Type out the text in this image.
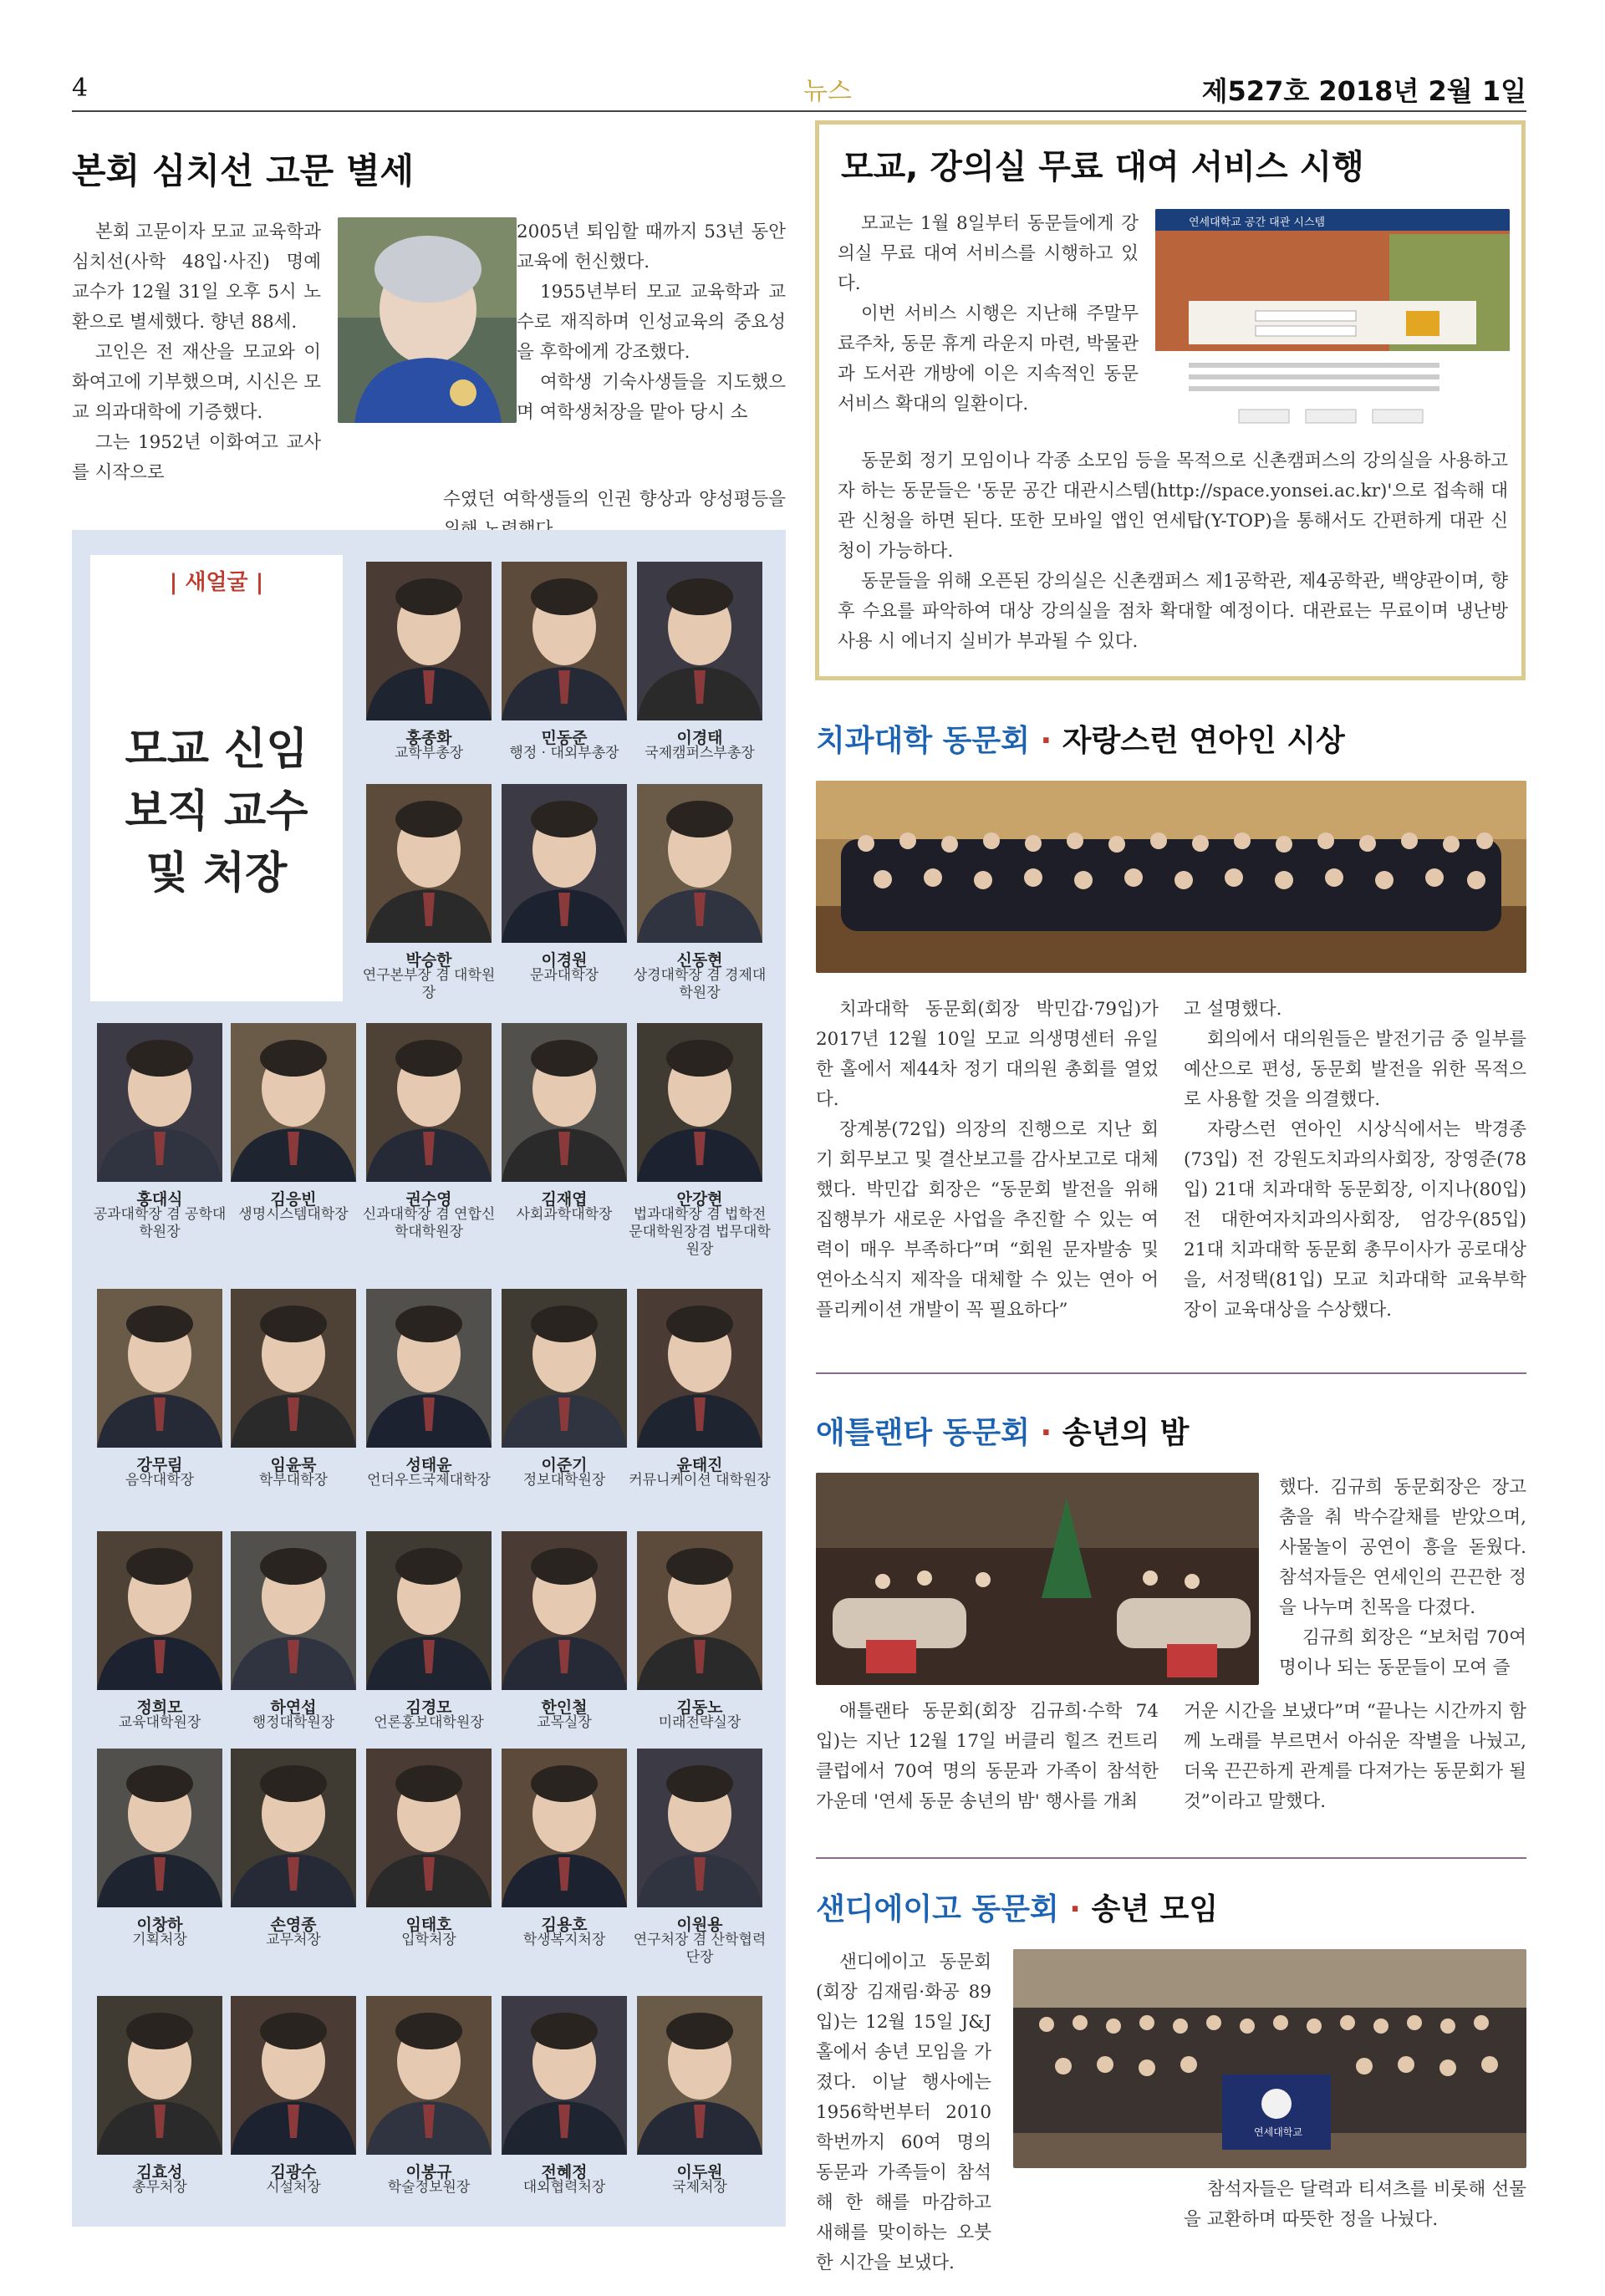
4	뉴스	제527호 2018년 2월 1일
본회 심치선 고문 별세

본회 고문이자 모교 교육학과 심치선(사학 48입·사진) 명예 교수가 12월 31일 오후 5시 노환으로 별세했다. 향년 88세.

고인은 전 재산을 모교와 이화여고에 기부했으며, 시신은 모교 의과대학에 기증했다.

그는 1952년 이화여고 교사를 시작으로

2005년 퇴임할 때까지 53년 동안 교육에 헌신했다.

1955년부터 모교 교육학과 교수로 재직하며 인성교육의 중요성을 후학에게 강조했다.

여학생 기숙사생들을 지도했으며 여학생처장을 맡아 당시 소

수였던 여학생들의 인권 향상과 양성평등을

모교, 강의실 무료 대여 서비스 시행

모교는 1월 8일부터 동문들에게 강의실 무료 대여 서비스를 시행하고 있다.

이번 서비스 시행은 지난해 주말무료주차, 동문 휴게 라운지 마련, 박물관과 도서관 개방에 이은 지속적인 동문 서비스 확대의 일환이다.

연세대학교 공간 대관 시스템

동문회 정기 모임이나 각종 소모임 등을 목적으로 신촌캠퍼스의 강의실을 사용하고자 하는 동문들은 '동문 공간 대관시스템(http://space.yonsei.ac.kr)'으로 접속해 대관 신청을 하면 된다. 또한 모바일 앱인 연세탑(Y-TOP)을 통해서도 간편하게 대관 신청이 가능하다.

동문들을 위해 오픈된 강의실은 신촌캠퍼스 제1공학관, 제4공학관, 백양관이며, 향후 수요를 파악하여 대상 강의실을 점차 확대할 예정이다. 대관료는 무료이며 냉난방 사용 시 에너지 실비가 부과될 수 있다.

| 새얼굴 |
모교 신임
보직 교수
및 처장
홍종화
교학부총장
민동준
행정 · 대외부총장
이경태
국제캠퍼스부총장
박승한
연구본부장 겸 대학원장
이경원
문과대학장
신동현
상경대학장 겸 경제대학원장
홍대식
공과대학장 겸 공학대학원장
김응빈
생명시스템대학장
권수영
신과대학장 겸 연합신학대학원장
김재엽
사회과학대학장
안강현
법과대학장 겸 법학전문대학원장겸 법무대학원장
강무림
음악대학장
임윤묵
학부대학장
성태윤
언더우드국제대학장
이준기
정보대학원장
윤태진
커뮤니케이션 대학원장
정희모
교육대학원장
하연섭
행정대학원장
김경모
언론홍보대학원장
한인철
교목실장
김동노
미래전략실장
이창하
기획처장
손영종
교무처장
임태호
입학처장
김용호
학생복지처장
이원용
연구처장 겸 산학협력단장
김효성
총무처장
김광수
시설처장
이봉규
학술정보원장
전혜정
대외협력처장
이두원
국제처장
치과대학 동문회 · 자랑스런 연아인 시상

치과대학 동문회(회장 박민갑·79입)가 2017년 12월 10일 모교 의생명센터 유일한 홀에서 제44차 정기 대의원 총회를 열었다.

장계봉(72입) 의장의 진행으로 지난 회기 회무보고 및 결산보고를 감사보고로 대체했다. 박민갑 회장은 “동문회 발전을 위해 집행부가 새로운 사업을 추진할 수 있는 여력이 매우 부족하다”며 “회원 문자발송 및 연아소식지 제작을 대체할 수 있는 연아 어플리케이션 개발이 꼭 필요하다”

고 설명했다.

회의에서 대의원들은 발전기금 중 일부를 예산으로 편성, 동문회 발전을 위한 목적으로 사용할 것을 의결했다.

자랑스런 연아인 시상식에서는 박경종(73입) 전 강원도치과의사회장, 장영준(78입) 21대 치과대학 동문회장, 이지나(80입) 전 대한여자치과의사회장, 엄강우(85입) 21대 치과대학 동문회 총무이사가 공로대상을, 서정택(81입) 모교 치과대학 교육부학장이 교육대상을 수상했다.

애틀랜타 동문회 · 송년의 밤

했다. 김규희 동문회장은 장고춤을 춰 박수갈채를 받았으며, 사물놀이 공연이 흥을 돋웠다. 참석자들은 연세인의 끈끈한 정을 나누며 친목을 다졌다.

김규희 회장은 “보처럼 70여 명이나 되는 동문들이 모여 즐

애틀랜타 동문회(회장 김규희·수학 74입)는 지난 12월 17일 버클리 힐즈 컨트리 클럽에서 70여 명의 동문과 가족이 참석한 가운데 '연세 동문 송년의 밤' 행사를 개최

거운 시간을 보냈다”며 “끝나는 시간까지 함께 노래를 부르면서 아쉬운 작별을 나눴고, 더욱 끈끈하게 관계를 다져가는 동문회가 될 것”이라고 말했다.

샌디에이고 동문회 · 송년 모임

샌디에이고 동문회(회장 김재림·화공 89입)는 12월 15일 J&J 홀에서 송년 모임을 가졌다. 이날 행사에는 1956학번부터 2010학번까지 60여 명의 동문과 가족들이 참석해 한 해를 마감하고 새해를 맞이하는 오붓한 시간을 보냈다.

연세대학교

참석자들은 달력과 티셔츠를 비롯해 선물을 교환하며 따뜻한 정을 나눴다.
